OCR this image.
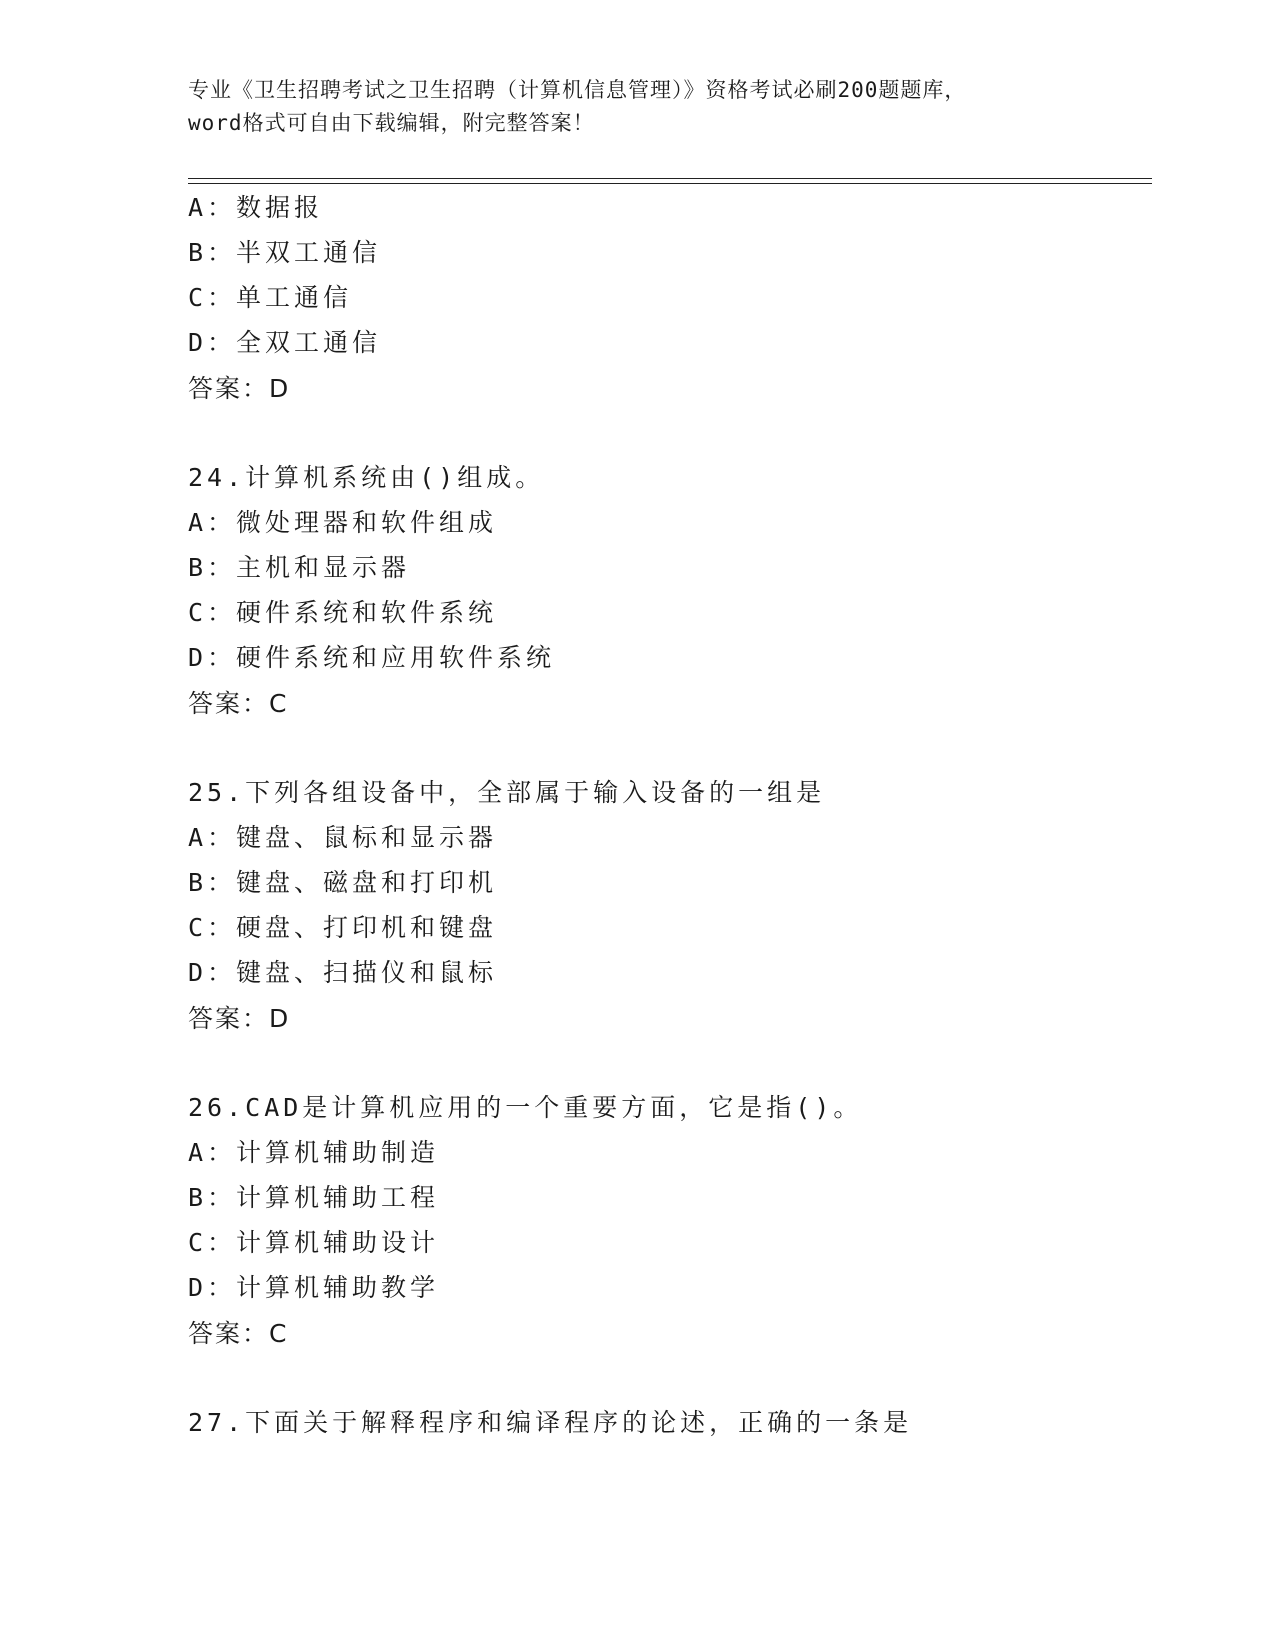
专业《卫生招聘考试之卫生招聘（计算机信息管理）》资格考试必刷200题题库，
word格式可自由下载编辑，附完整答案！
A：数据报
B：半双工通信
C：单工通信
D：全双工通信
答案：D
24.计算机系统由()组成。
A：微处理器和软件组成
B：主机和显示器
C：硬件系统和软件系统
D：硬件系统和应用软件系统
答案：C
25.下列各组设备中，全部属于输入设备的一组是
A：键盘、鼠标和显示器
B：键盘、磁盘和打印机
C：硬盘、打印机和键盘
D：键盘、扫描仪和鼠标
答案：D
26.CAD是计算机应用的一个重要方面，它是指()。
A：计算机辅助制造
B：计算机辅助工程
C：计算机辅助设计
D：计算机辅助教学
答案：C
27.下面关于解释程序和编译程序的论述，正确的一条是
